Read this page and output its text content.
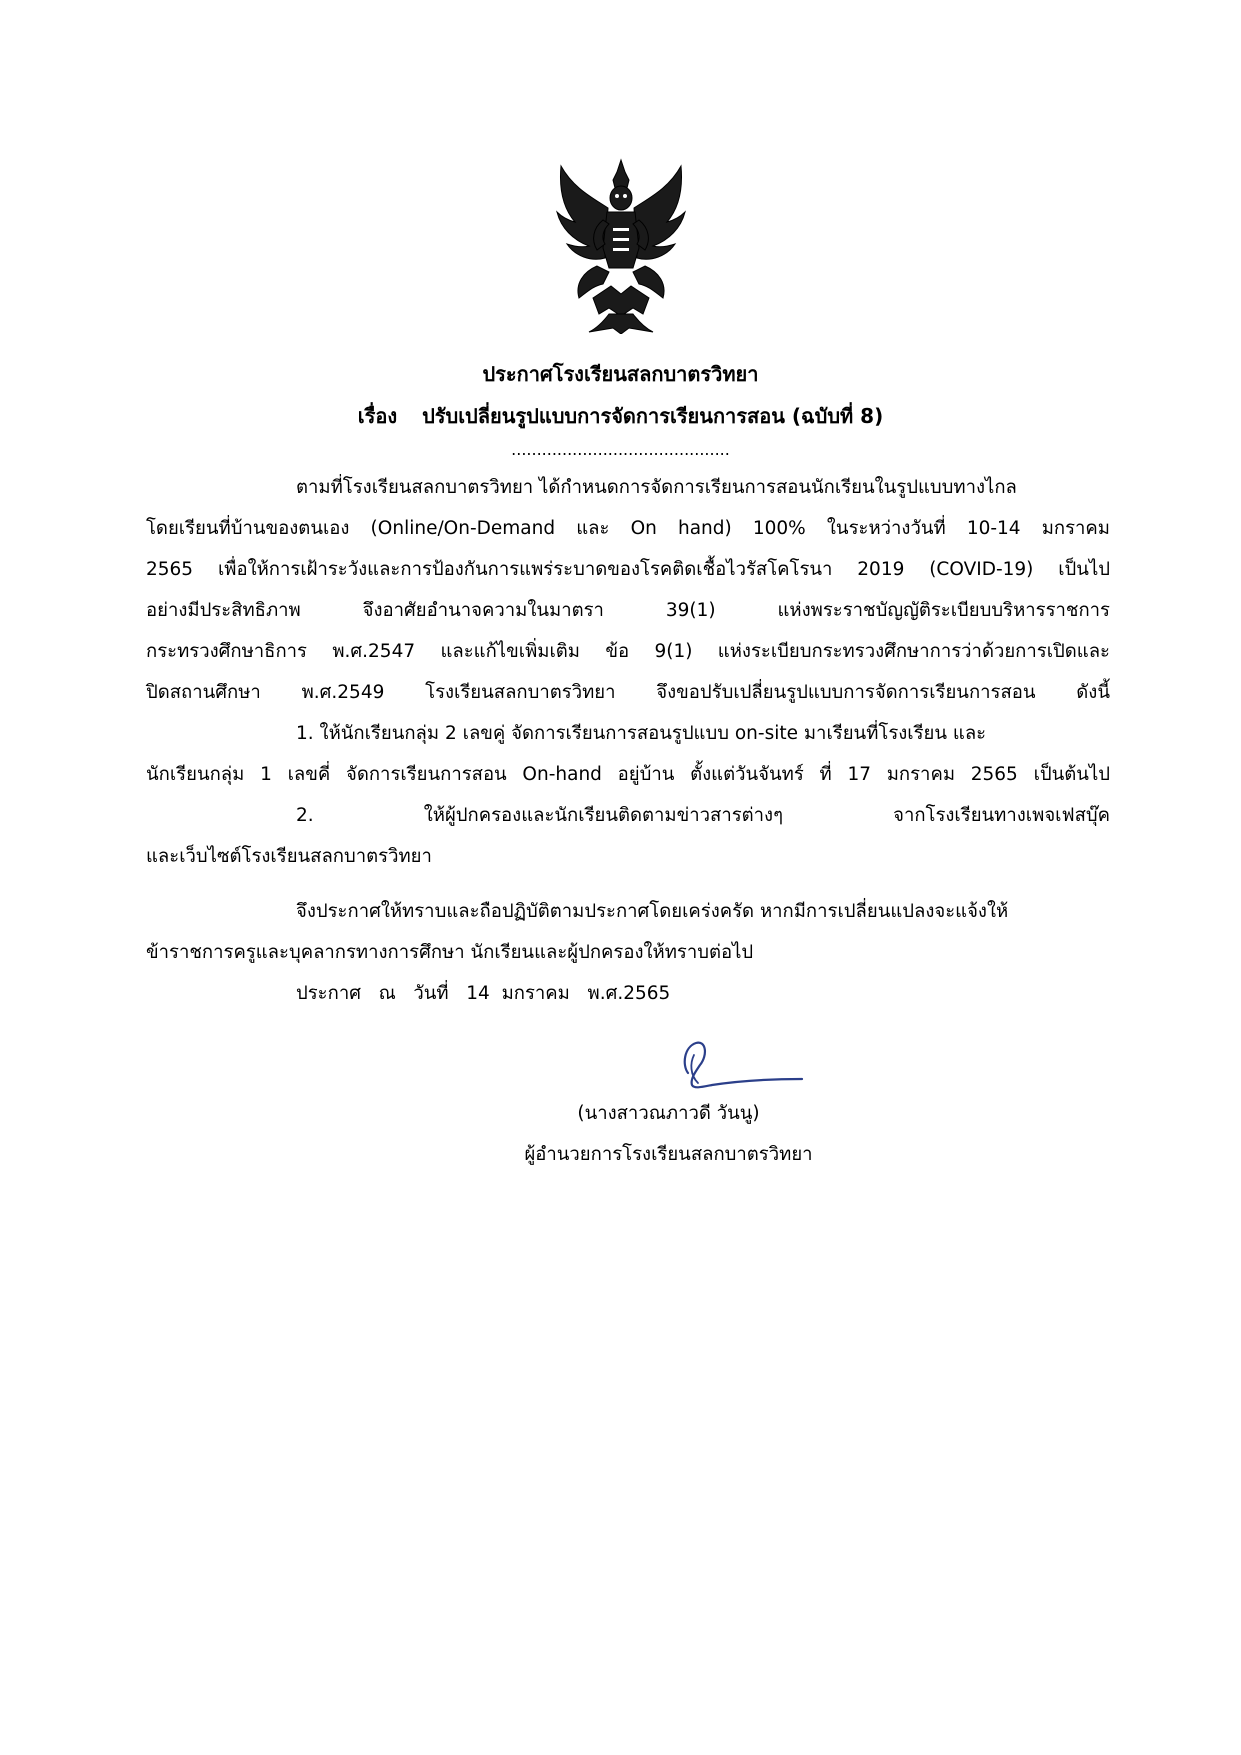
ประกาศโรงเรียนสลกบาตรวิทยา
เรื่อง ปรับเปลี่ยนรูปแบบการจัดการเรียนการสอน (ฉบับที่ 8)
...........................................
ตามที่โรงเรียนสลกบาตรวิทยา ได้กำหนดการจัดการเรียนการสอนนักเรียนในรูปแบบทางไกล
โดยเรียนที่บ้านของตนเอง (Online/On-Demand และ On hand) 100% ในระหว่างวันที่ 10-14 มกราคม
2565 เพื่อให้การเฝ้าระวังและการป้องกันการแพร่ระบาดของโรคติดเชื้อไวรัสโคโรนา 2019 (COVID-19) เป็นไป
อย่างมีประสิทธิภาพ จึงอาศัยอำนาจความในมาตรา 39(1) แห่งพระราชบัญญัติระเบียบบริหารราชการ
กระทรวงศึกษาธิการ พ.ศ.2547 และแก้ไขเพิ่มเติม ข้อ 9(1) แห่งระเบียบกระทรวงศึกษาการว่าด้วยการเปิดและ
ปิดสถานศึกษา พ.ศ.2549 โรงเรียนสลกบาตรวิทยา จึงขอปรับเปลี่ยนรูปแบบการจัดการเรียนการสอน ดังนี้
1. ให้นักเรียนกลุ่ม 2 เลขคู่ จัดการเรียนการสอนรูปแบบ on-site มาเรียนที่โรงเรียน และ
นักเรียนกลุ่ม 1 เลขคี่ จัดการเรียนการสอน On-hand อยู่บ้าน ตั้งแต่วันจันทร์ ที่ 17 มกราคม 2565 เป็นต้นไป
2. ให้ผู้ปกครองและนักเรียนติดตามข่าวสารต่างๆ จากโรงเรียนทางเพจเฟสบุ๊ค
และเว็บไซต์โรงเรียนสลกบาตรวิทยา
จึงประกาศให้ทราบและถือปฏิบัติตามประกาศโดยเคร่งครัด หากมีการเปลี่ยนแปลงจะแจ้งให้
ข้าราชการครูและบุคลากรทางการศึกษา นักเรียนและผู้ปกครองให้ทราบต่อไป
ประกาศ   ณ   วันที่   14  มกราคม   พ.ศ.2565
(นางสาวณภาวดี วันนู)
ผู้อำนวยการโรงเรียนสลกบาตรวิทยา
